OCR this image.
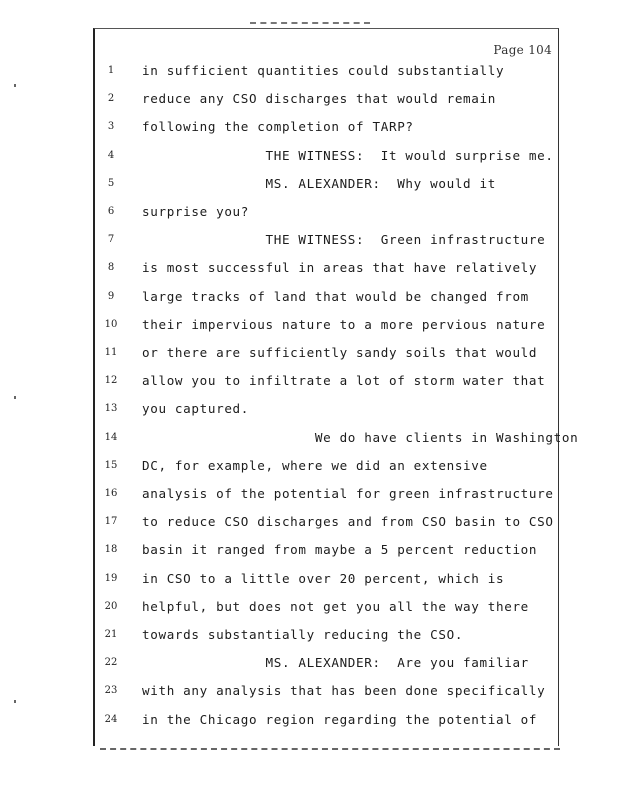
Page 104
1	in sufficient quantities could substantially
2	reduce any CSO discharges that would remain
3	following the completion of TARP?
4	THE WITNESS:  It would surprise me.
5	MS. ALEXANDER:  Why would it
6	surprise you?
7	THE WITNESS:  Green infrastructure
8	is most successful in areas that have relatively
9	large tracks of land that would be changed from
10	their impervious nature to a more pervious nature
11	or there are sufficiently sandy soils that would
12	allow you to infiltrate a lot of storm water that
13	you captured.
14	We do have clients in Washington
15	DC, for example, where we did an extensive
16	analysis of the potential for green infrastructure
17	to reduce CSO discharges and from CSO basin to CSO
18	basin it ranged from maybe a 5 percent reduction
19	in CSO to a little over 20 percent, which is
20	helpful, but does not get you all the way there
21	towards substantially reducing the CSO.
22	MS. ALEXANDER:  Are you familiar
23	with any analysis that has been done specifically
24	in the Chicago region regarding the potential of
